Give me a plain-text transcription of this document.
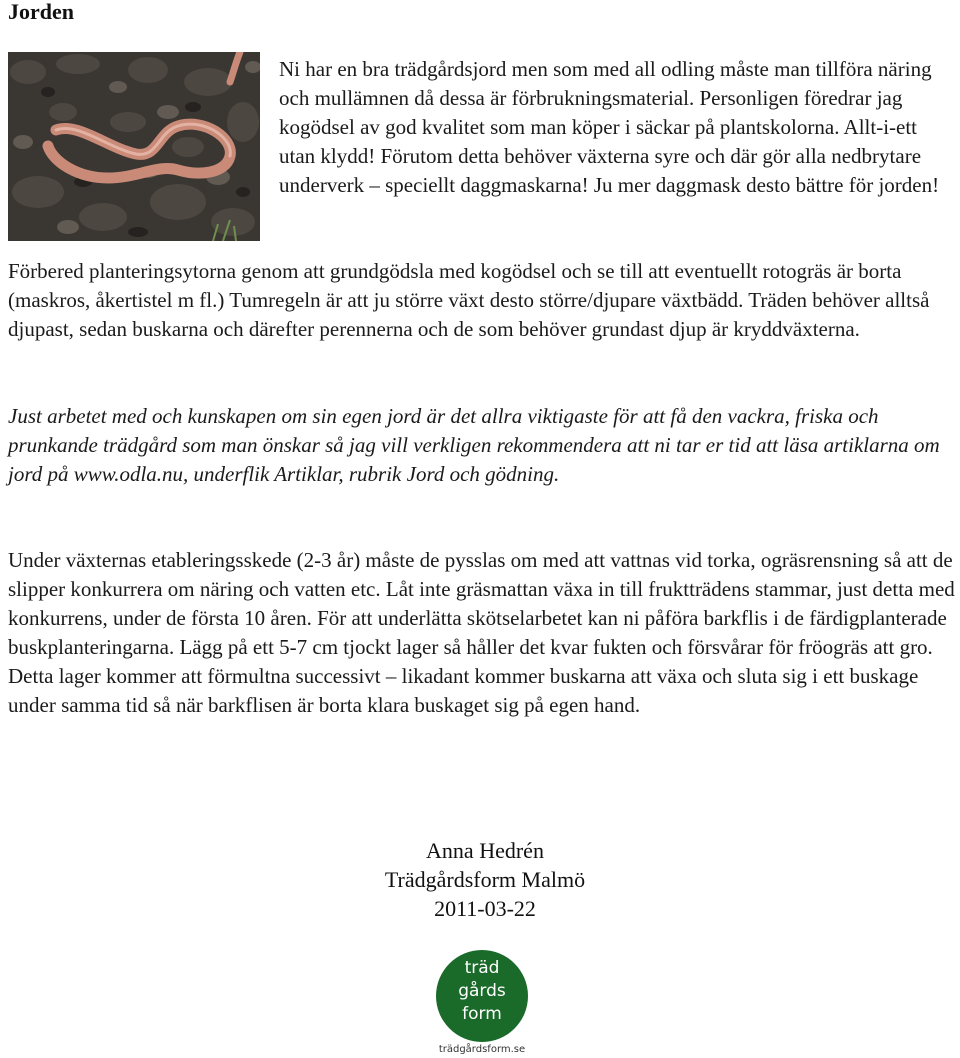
Jorden

Ni har en bra trädgårdsjord men som med all odling måste man tillföra näring och mullämnen då dessa är förbrukningsmaterial. Personligen föredrar jag kogödsel av god kvalitet som man köper i säckar på plantskolorna. Allt-i-ett utan klydd! Förutom detta behöver växterna syre och där gör alla nedbrytare underverk – speciellt daggmaskarna! Ju mer daggmask desto bättre för jorden!

Förbered planteringsytorna genom att grundgödsla med kogödsel och se till att eventuellt rotogräs är borta (maskros, åkertistel m fl.) Tumregeln är att ju större växt desto större/djupare växtbädd. Träden behöver alltså djupast, sedan buskarna och därefter perennerna och de som behöver grundast djup är kryddväxterna.

Just arbetet med och kunskapen om sin egen jord är det allra viktigaste för att få den vackra, friska och prunkande trädgård som man önskar så jag vill verkligen rekommendera att ni tar er tid att läsa artiklarna om jord på www.odla.nu, underflik Artiklar, rubrik Jord och gödning.

Under växternas etableringsskede (2-3 år) måste de pysslas om med att vattnas vid torka, ogräsrensning så att de slipper konkurrera om näring och vatten etc. Låt inte gräsmattan växa in till fruktträdens stammar, just detta med konkurrens, under de första 10 åren. För att underlätta skötselarbetet kan ni påföra barkflis i de färdigplanterade buskplanteringarna. Lägg på ett 5-7 cm tjockt lager så håller det kvar fukten och försvårar för fröogräs att gro. Detta lager kommer att förmultna successivt – likadant kommer buskarna att växa och sluta sig i ett buskage under samma tid så när barkflisen är borta klara buskaget sig på egen hand.

Anna Hedrén
Trädgårdsform Malmö
2011-03-22
träd
gårds
form
trädgårdsform.se
